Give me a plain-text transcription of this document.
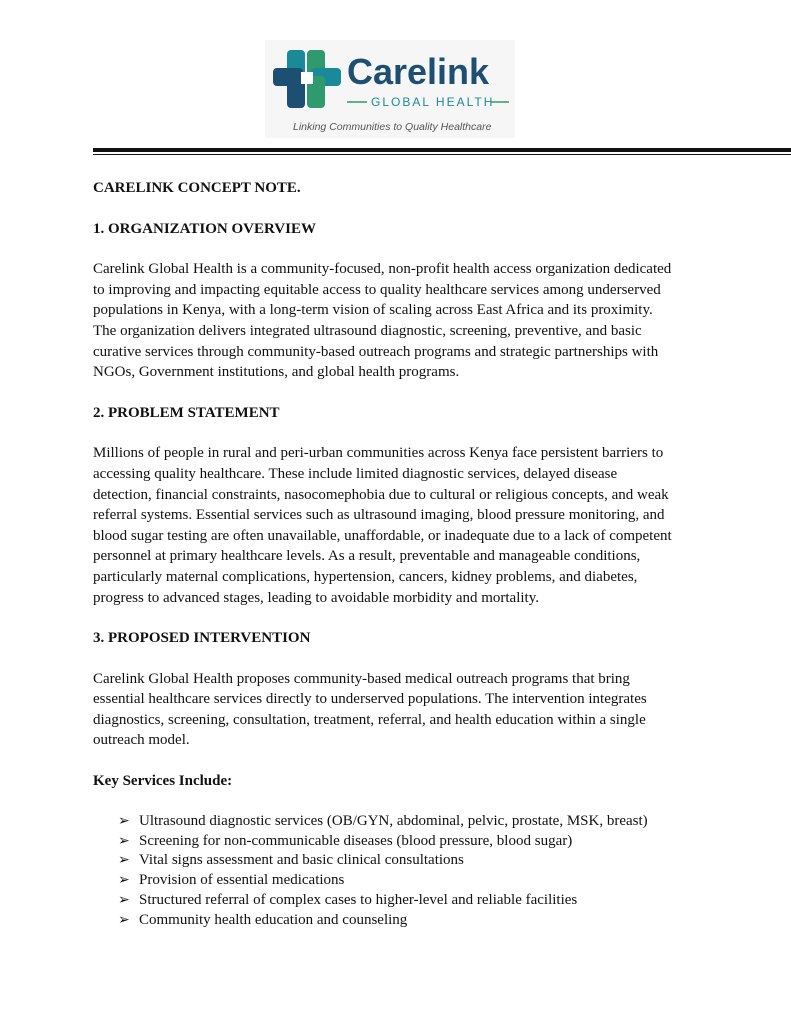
Carelink
GLOBAL HEALTH
Linking Communities to Quality Healthcare
CARELINK CONCEPT NOTE.
1. ORGANIZATION OVERVIEW

Carelink Global Health is a community-focused, non-profit health access organization dedicated
to improving and impacting equitable access to quality healthcare services among underserved
populations in Kenya, with a long-term vision of scaling across East Africa and its proximity.
The organization delivers integrated ultrasound diagnostic, screening, preventive, and basic
curative services through community-based outreach programs and strategic partnerships with
NGOs, Government institutions, and global health programs.

2. PROBLEM STATEMENT

Millions of people in rural and peri-urban communities across Kenya face persistent barriers to
accessing quality healthcare. These include limited diagnostic services, delayed disease
detection, financial constraints, nasocomephobia due to cultural or religious concepts, and weak
referral systems. Essential services such as ultrasound imaging, blood pressure monitoring, and
blood sugar testing are often unavailable, unaffordable, or inadequate due to a lack of competent
personnel at primary healthcare levels. As a result, preventable and manageable conditions,
particularly maternal complications, hypertension, cancers, kidney problems, and diabetes,
progress to advanced stages, leading to avoidable morbidity and mortality.

3. PROPOSED INTERVENTION

Carelink Global Health proposes community-based medical outreach programs that bring
essential healthcare services directly to underserved populations. The intervention integrates
diagnostics, screening, consultation, treatment, referral, and health education within a single
outreach model.

Key Services Include:
➢ Ultrasound diagnostic services (OB/GYN, abdominal, pelvic, prostate, MSK, breast)
➢ Screening for non-communicable diseases (blood pressure, blood sugar)
➢ Vital signs assessment and basic clinical consultations
➢ Provision of essential medications
➢ Structured referral of complex cases to higher-level and reliable facilities
➢ Community health education and counseling
